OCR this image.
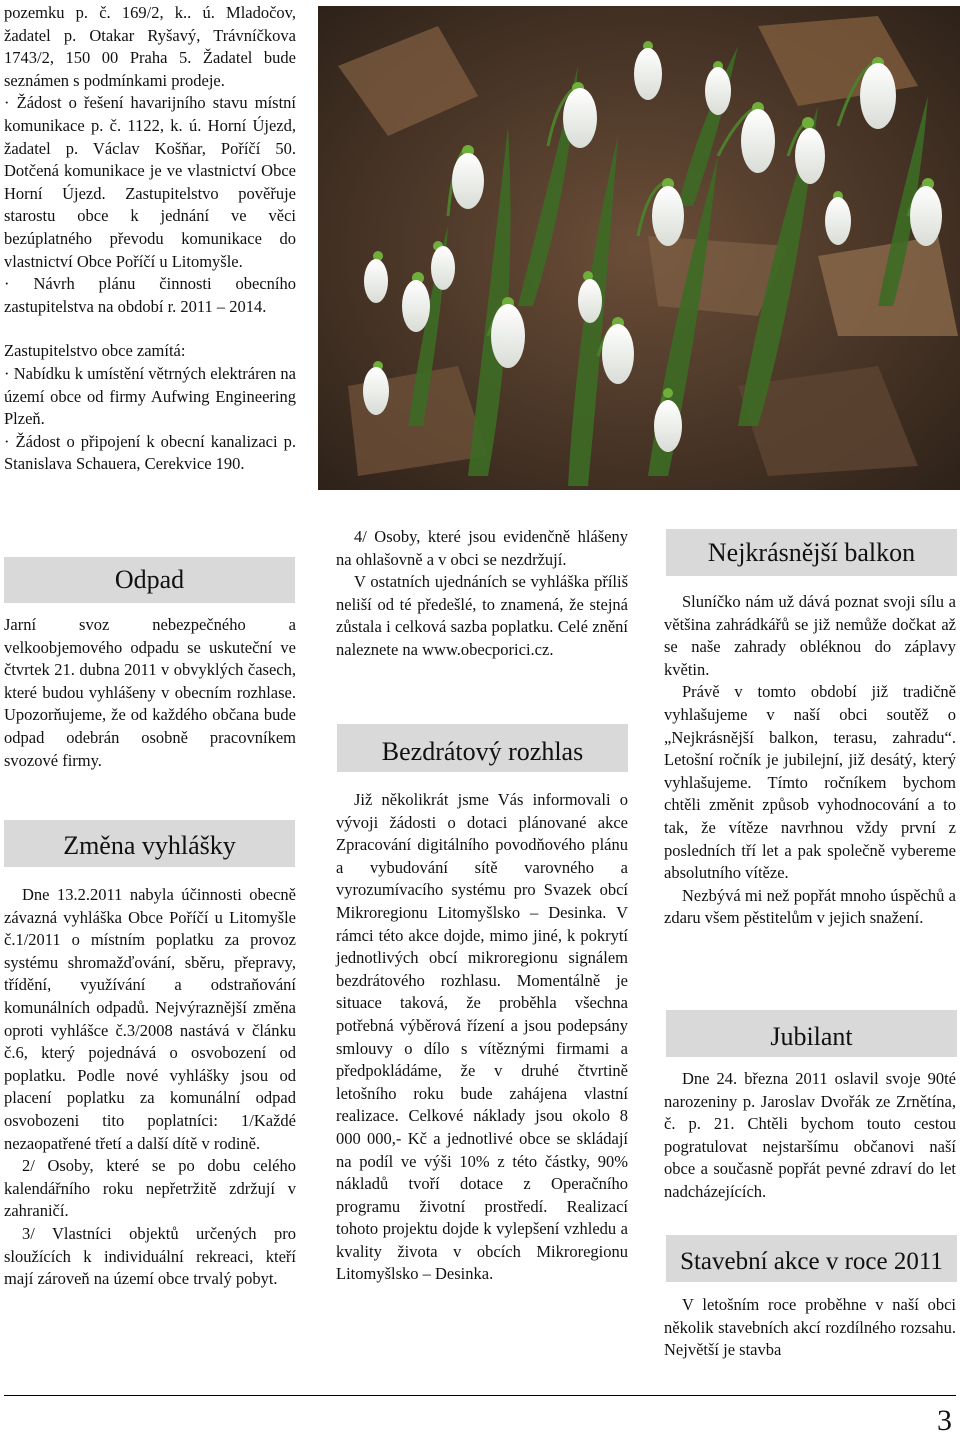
pozemku p. č. 169/2, k.. ú. Mladočov, žadatel p. Otakar Ryšavý, Trávníčkova 1743/2, 150 00 Praha 5. Žadatel bude seznámen s podmínkami prodeje.

· Žádost o řešení havarijního stavu místní komunikace p. č. 1122, k. ú. Horní Újezd, žadatel p. Václav Košňar, Poříčí 50. Dotčená komunikace je ve vlastnictví Obce Horní Újezd. Zastupitelstvo pověřuje starostu obce k jednání ve věci bezúplatného převodu komunikace do vlastnictví Obce Poříčí u Litomyšle.

· Návrh plánu činnosti obecního zastupitelstva na období r. 2011 – 2014.

Zastupitelstvo obce zamítá:

· Nabídku k umístění větrných elektráren na území obce od firmy Aufwing Engineering Plzeň.

· Žádost o připojení k obecní kanalizaci p. Stanislava Schauera, Cerekvice 190.

Odpad

Jarní svoz nebezpečného a velkoobjemového odpadu se uskuteční ve čtvrtek 21. dubna 2011 v obvyklých časech, které budou vyhlášeny v obecním rozhlase. Upozorňujeme, že od každého občana bude odpad odebrán osobně pracovníkem svozové firmy.

Změna vyhlášky

Dne 13.2.2011 nabyla účinnosti obecně závazná vyhláška Obce Poříčí u Litomyšle č.1/2011 o místním poplatku za provoz systému shromažďování, sběru, přepravy, třídění, využívání a odstraňování komunálních odpadů. Nejvýraznější změna oproti vyhlášce č.3/2008 nastává v článku č.6, který pojednává o osvobození od poplatku. Podle nové vyhlášky jsou od placení poplatku za komunální odpad osvobozeni tito poplatníci: 1/Každé nezaopatřené třetí a další dítě v rodině.

2/ Osoby, které se po dobu celého kalendářního roku nepřetržitě zdržují v zahraničí.

3/ Vlastníci objektů určených pro sloužících k individuální rekreaci, kteří mají zároveň na území obce trvalý pobyt.

4/ Osoby, které jsou evidenčně hlášeny na ohlašovně a v obci se nezdržují.

V ostatních ujednáních se vyhláška příliš neliší od té předešlé, to znamená, že stejná zůstala i celková sazba poplatku. Celé znění naleznete na www.obecporici.cz.

Bezdrátový rozhlas

Již několikrát jsme Vás informovali o vývoji žádosti o dotaci plánované akce Zpracování digitálního povodňového plánu a vybudování sítě varovného a vyrozumívacího systému pro Svazek obcí Mikroregionu Litomyšlsko – Desinka. V rámci této akce dojde, mimo jiné, k pokrytí jednotlivých obcí mikroregionu signálem bezdrátového rozhlasu. Momentálně je situace taková, že proběhla všechna potřebná výběrová řízení a jsou podepsány smlouvy o dílo s vítěznými firmami a předpokládáme, že v druhé čtvrtině letošního roku bude zahájena vlastní realizace. Celkové náklady jsou okolo 8 000 000,- Kč a jednotlivé obce se skládají na podíl ve výši 10% z této částky, 90% nákladů tvoří dotace z Operačního programu životní prostředí. Realizací tohoto projektu dojde k vylepšení vzhledu a kvality života v obcích Mikroregionu Litomyšlsko – Desinka.

Nejkrásnější balkon

Sluníčko nám už dává poznat svoji sílu a většina zahrádkářů se již nemůže dočkat až se naše zahrady obléknou do záplavy květin.

Právě v tomto období již tradičně vyhlašujeme v naší obci soutěž o „Nejkrásnější balkon, terasu, zahradu“. Letošní ročník je jubilejní, již desátý, který vyhlašujeme. Tímto ročníkem bychom chtěli změnit způsob vyhodnocování a to tak, že vítěze navrhnou vždy první z posledních tří let a pak společně vybereme absolutního vítěze.

Nezbývá mi než popřát mnoho úspěchů a zdaru všem pěstitelům v jejich snažení.

Jubilant

Dne 24. března 2011 oslavil svoje 90té narozeniny p. Jaroslav Dvořák ze Zrnětína, č. p. 21. Chtěli bychom touto cestou pogratulovat nejstaršímu občanovi naší obce a současně popřát pevné zdraví do let nadcházejících.

Stavební akce v roce 2011

V letošním roce proběhne v naší obci několik stavebních akcí rozdílného rozsahu. Největší je stavba

3
